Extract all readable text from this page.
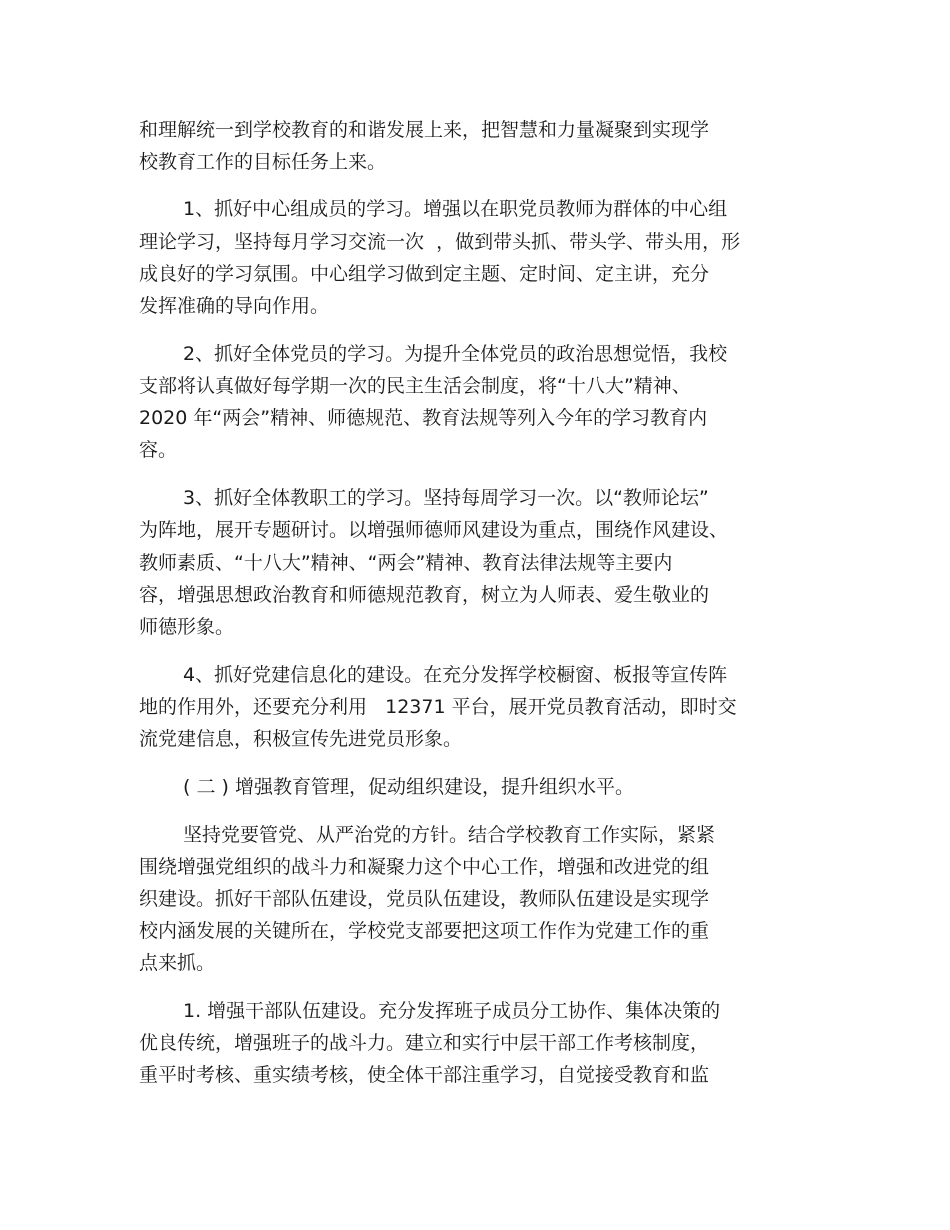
和理解统一到学校教育的和谐发展上来，把智慧和力量凝聚到实现学
校教育工作的目标任务上来。
1、抓好中心组成员的学习。增强以在职党员教师为群体的中心组
理论学习，坚持每月学习交流一次  ，做到带头抓、带头学、带头用，形
成良好的学习氛围。中心组学习做到定主题、定时间、定主讲，充分
发挥准确的导向作用。
2、抓好全体党员的学习。为提升全体党员的政治思想觉悟，我校
支部将认真做好每学期一次的民主生活会制度，将“十八大”精神、
2020 年“两会”精神、师德规范、教育法规等列入今年的学习教育内
容。
3、抓好全体教职工的学习。坚持每周学习一次。以“教师论坛”
为阵地，展开专题研讨。以增强师德师风建设为重点，围绕作风建设、
教师素质、“十八大”精神、“两会”精神、教育法律法规等主要内
容，增强思想政治教育和师德规范教育，树立为人师表、爱生敬业的
师德形象。
4、抓好党建信息化的建设。在充分发挥学校橱窗、板报等宣传阵
地的作用外，还要充分利用   12371 平台，展开党员教育活动，即时交
流党建信息，积极宣传先进党员形象。
( 二 ) 增强教育管理，促动组织建设，提升组织水平。
坚持党要管党、从严治党的方针。结合学校教育工作实际，紧紧
围绕增强党组织的战斗力和凝聚力这个中心工作，增强和改进党的组
织建设。抓好干部队伍建设，党员队伍建设，教师队伍建设是实现学
校内涵发展的关键所在，学校党支部要把这项工作作为党建工作的重
点来抓。
1. 增强干部队伍建设。充分发挥班子成员分工协作、集体决策的
优良传统，增强班子的战斗力。建立和实行中层干部工作考核制度，
重平时考核、重实绩考核，使全体干部注重学习，自觉接受教育和监
